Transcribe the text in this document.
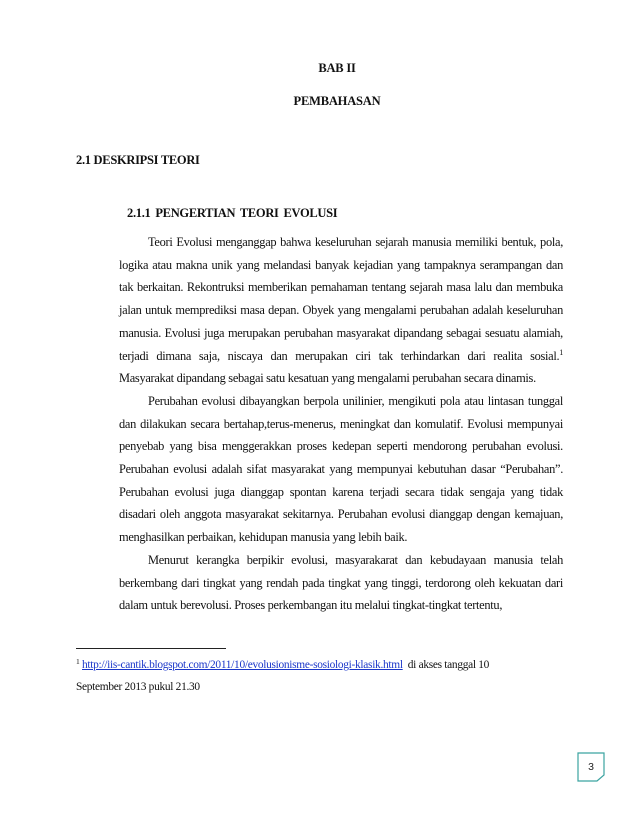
BAB II
PEMBAHASAN
2.1 DESKRIPSI TEORI
2.1.1 PENGERTIAN TEORI EVOLUSI

Teori Evolusi menganggap bahwa keseluruhan sejarah manusia memiliki bentuk, pola, logika atau makna unik yang melandasi banyak kejadian yang tampaknya serampangan dan tak berkaitan. Rekontruksi memberikan pemahaman tentang sejarah masa lalu dan membuka jalan untuk memprediksi masa depan. Obyek yang mengalami perubahan adalah keseluruhan manusia. Evolusi juga merupakan perubahan masyarakat dipandang sebagai sesuatu alamiah, terjadi dimana saja, niscaya dan merupakan ciri tak terhindarkan dari realita sosial.$^1$ Masyarakat dipandang sebagai satu kesatuan yang mengalami perubahan secara dinamis.

Perubahan evolusi dibayangkan berpola unilinier, mengikuti pola atau lintasan tunggal dan dilakukan secara bertahap,terus-menerus, meningkat dan komulatif. Evolusi mempunyai penyebab yang bisa menggerakkan proses kedepan seperti mendorong perubahan evolusi. Perubahan evolusi adalah sifat masyarakat yang mempunyai kebutuhan dasar “Perubahan”. Perubahan evolusi juga dianggap spontan karena terjadi secara tidak sengaja yang tidak disadari oleh anggota masyarakat sekitarnya. Perubahan evolusi dianggap dengan kemajuan, menghasilkan perbaikan, kehidupan manusia yang lebih baik.

Menurut kerangka berpikir evolusi, masyarakarat dan kebudayaan manusia telah berkembang dari tingkat yang rendah pada tingkat yang tinggi, terdorong oleh kekuatan dari dalam untuk berevolusi. Proses perkembangan itu melalui tingkat-tingkat tertentu,

$^1$ http://iis-cantik.blogspot.com/2011/10/evolusionisme-sosiologi-klasik.html  di akses tanggal 10
September 2013 pukul 21.30
3
